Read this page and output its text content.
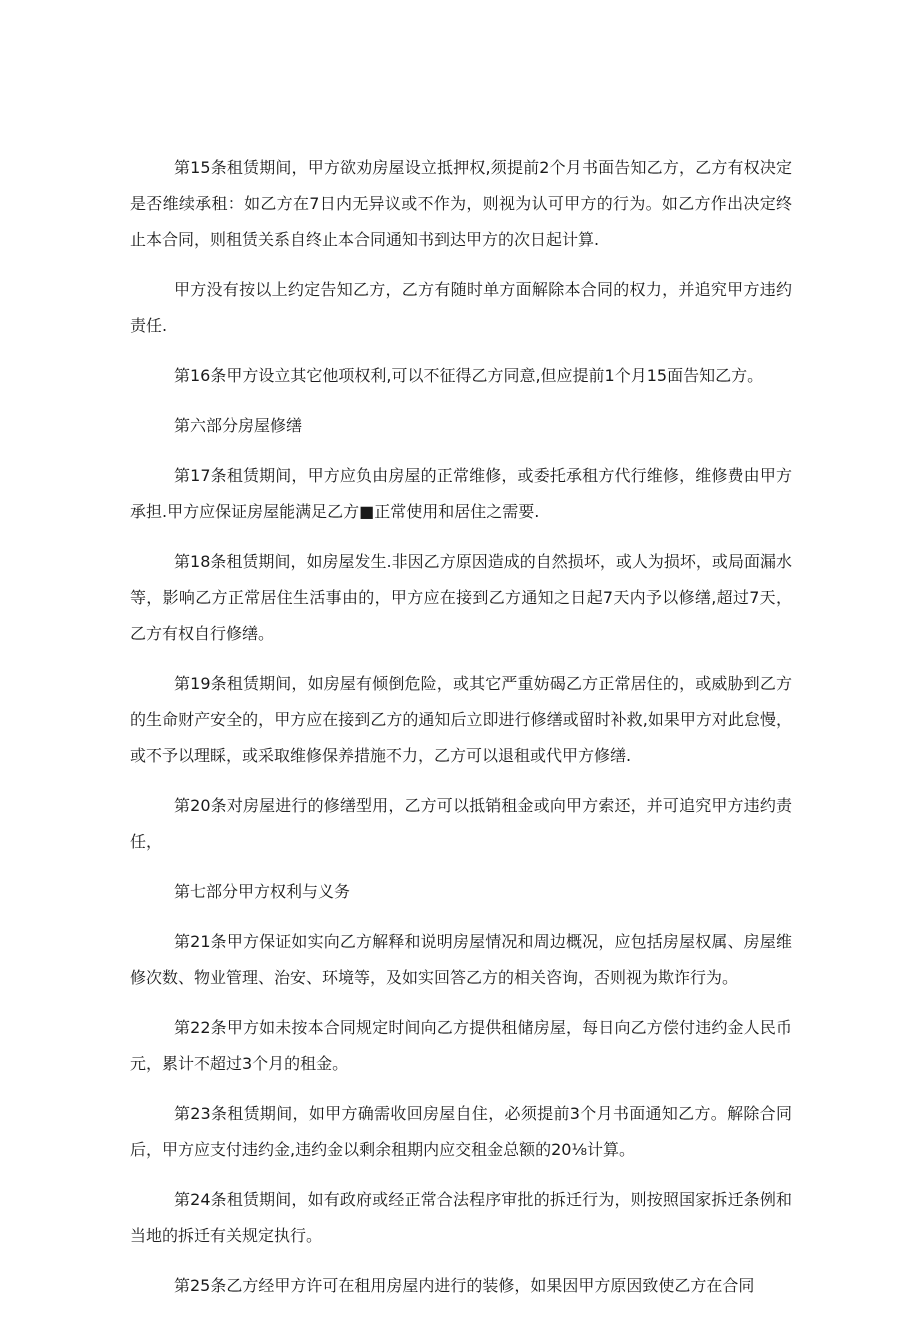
第15条租赁期间，甲方欲劝房屋设立抵押权,须提前2个月书面告知乙方，乙方有权决定是否维续承租：如乙方在7日内无异议或不作为，则视为认可甲方的行为。如乙方作出决定终止本合同，则租赁关系自终止本合同通知书到达甲方的次日起计算.

甲方没有按以上约定告知乙方，乙方有随时单方面解除本合同的权力，并追究甲方违约责任.

第16条甲方设立其它他项权利,可以不征得乙方同意,但应提前1个月15面告知乙方。

第六部分房屋修缮

第17条租赁期间，甲方应负由房屋的正常维修，或委托承租方代行维修，维修费由甲方承担.甲方应保证房屋能满足乙方■正常使用和居住之需要.

第18条租赁期间，如房屋发生.非因乙方原因造成的自然损坏，或人为损坏，或局面漏水等，影响乙方正常居住生活事由的，甲方应在接到乙方通知之日起7天内予以修缮,超过7天，乙方有权自行修缮。

第19条租赁期间，如房屋有倾倒危险，或其它严重妨碣乙方正常居住的，或威胁到乙方的生命财产安全的，甲方应在接到乙方的通知后立即进行修缮或留时补救,如果甲方对此怠慢，或不予以理睬，或采取维修保养措施不力，乙方可以退租或代甲方修缮.

第20条对房屋进行的修缮型用，乙方可以抵销租金或向甲方索还，并可追究甲方违约责任，

第七部分甲方权利与义务

第21条甲方保证如实向乙方解释和说明房屋情况和周边概况，应包括房屋权属、房屋维修次数、物业管理、治安、环境等，及如实回答乙方的相关咨询，否则视为欺诈行为。

第22条甲方如未按本合同规定时间向乙方提供租储房屋，每日向乙方偿付违约金人民币元，累计不超过3个月的租金。

第23条租赁期间，如甲方确需收回房屋自住，必须提前3个月书面通知乙方。解除合同后，甲方应支付违约金,违约金以剩余租期内应交租金总额的20⅛计算。

第24条租赁期间，如有政府或经正常合法程序审批的拆迁行为，则按照国家拆迁条例和当地的拆迁有关规定执行。

第25条乙方经甲方许可在租用房屋内进行的装修，如果因甲方原因致使乙方在合同
